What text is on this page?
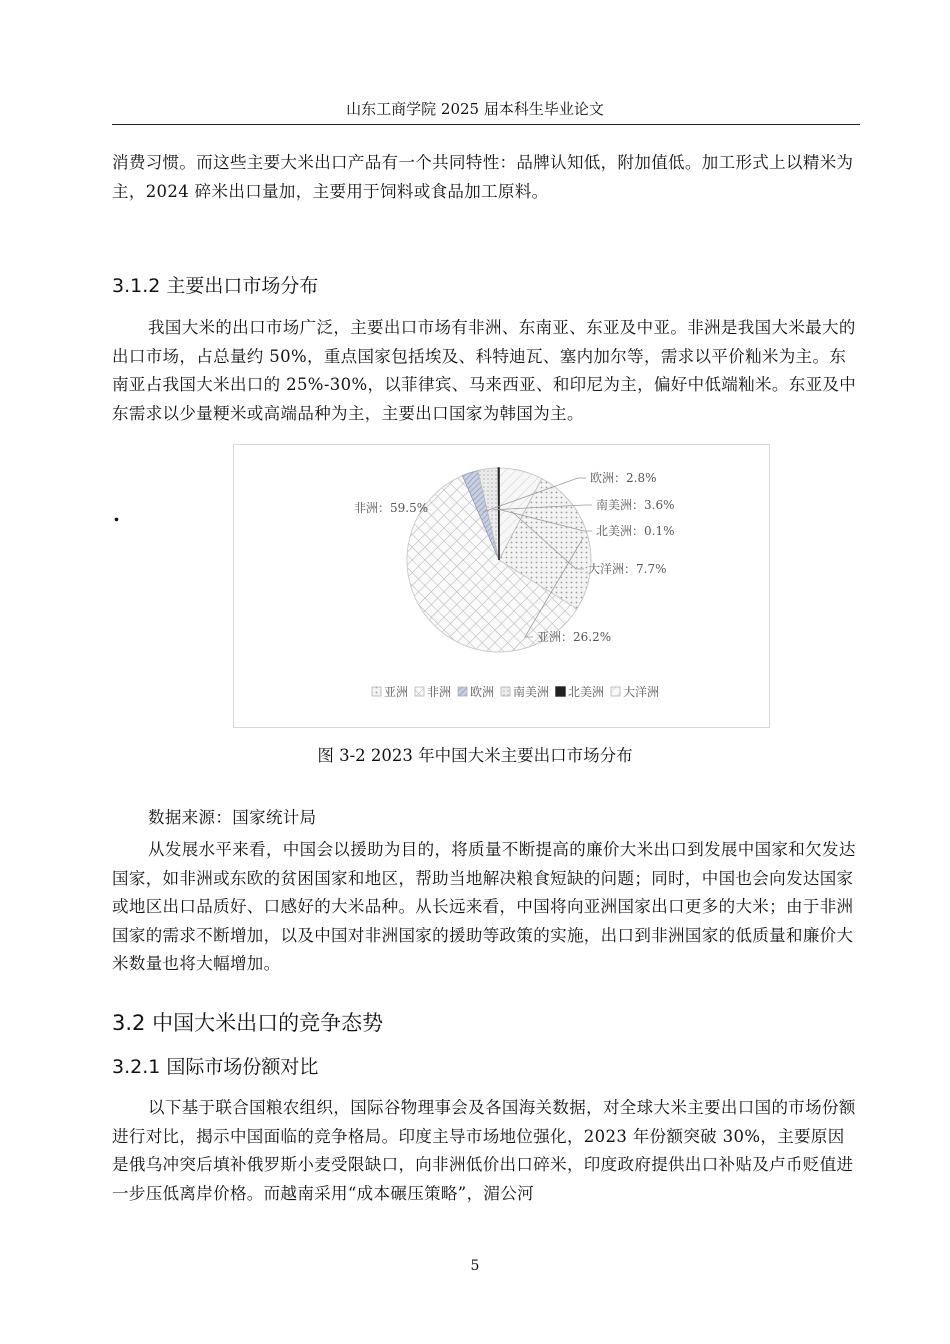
山东工商学院 2025 届本科生毕业论文

消费习惯。而这些主要大米出口产品有一个共同特性：品牌认知低，附加值低。加工形式上以精米为主，2024 碎米出口量加，主要用于饲料或食品加工原料。

3.1.2 主要出口市场分布

我国大米的出口市场广泛，主要出口市场有非洲、东南亚、东亚及中亚。非洲是我国大米最大的出口市场，占总量约 50%，重点国家包括埃及、科特迪瓦、塞内加尔等，需求以平价籼米为主。东南亚占我国大米出口的 25%-30%，以菲律宾、马来西亚、和印尼为主，偏好中低端籼米。东亚及中东需求以少量粳米或高端品种为主，主要出口国家为韩国为主。

.
亚洲：26.2%
非洲：59.5%
欧洲：2.8%
南美洲：3.6%
北美洲：0.1%
大洋洲：7.7%
亚洲 非洲 欧洲 南美洲 北美洲 大洋洲
图 3-2 2023 年中国大米主要出口市场分布
数据来源：国家统计局

从发展水平来看，中国会以援助为目的，将质量不断提高的廉价大米出口到发展中国家和欠发达国家，如非洲或东欧的贫困国家和地区，帮助当地解决粮食短缺的问题；同时，中国也会向发达国家或地区出口品质好、口感好的大米品种。从长远来看，中国将向亚洲国家出口更多的大米；由于非洲国家的需求不断增加，以及中国对非洲国家的援助等政策的实施，出口到非洲国家的低质量和廉价大米数量也将大幅增加。

3.2 中国大米出口的竞争态势
3.2.1 国际市场份额对比

以下基于联合国粮农组织，国际谷物理事会及各国海关数据，对全球大米主要出口国的市场份额进行对比，揭示中国面临的竞争格局。印度主导市场地位强化，2023 年份额突破 30%，主要原因是俄乌冲突后填补俄罗斯小麦受限缺口，向非洲低价出口碎米，印度政府提供出口补贴及卢币贬值进一步压低离岸价格。而越南采用“成本碾压策略”，湄公河

5
